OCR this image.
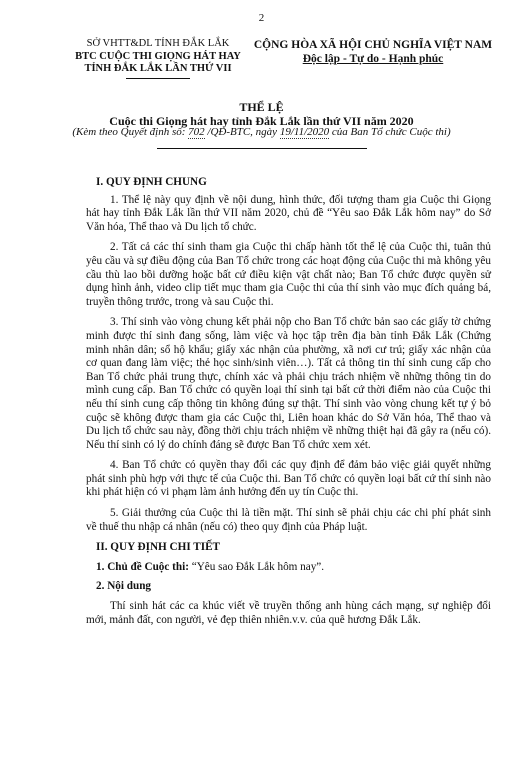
2
SỞ VHTT&DL TỈNH ĐẮK LẮK
BTC CUỘC THI GIỌNG HÁT HAY
TỈNH ĐẮK LẮK LẦN THỨ VII
CỘNG HÒA XÃ HỘI CHỦ NGHĨA VIỆT NAM
Độc lập - Tự do - Hạnh phúc
THỂ LỆ
Cuộc thi Giọng hát hay tỉnh Đắk Lắk lần thứ VII năm 2020
(Kèm theo Quyết định số: 702 /QĐ-BTC, ngày 19/11/2020 của Ban Tổ chức Cuộc thi)
I. QUY ĐỊNH CHUNG

1. Thể lệ này quy định về nội dung, hình thức, đối tượng tham gia Cuộc thi Giọng hát hay tỉnh Đắk Lắk lần thứ VII năm 2020, chủ đề “Yêu sao Đắk Lắk hôm nay” do Sở Văn hóa, Thể thao và Du lịch tổ chức.

2. Tất cả các thí sinh tham gia Cuộc thi chấp hành tốt thể lệ của Cuộc thi, tuân thủ yêu cầu và sự điều động của Ban Tổ chức trong các hoạt động của Cuộc thi mà không yêu cầu thù lao bồi dưỡng hoặc bất cứ điều kiện vật chất nào; Ban Tổ chức được quyền sử dụng hình ảnh, video clip tiết mục tham gia Cuộc thi của thí sinh vào mục đích quảng bá, truyền thông trước, trong và sau Cuộc thi.

3. Thí sinh vào vòng chung kết phải nộp cho Ban Tổ chức bản sao các giấy tờ chứng minh được thí sinh đang sống, làm việc và học tập trên địa bàn tỉnh Đắk Lắk (Chứng minh nhân dân; sổ hộ khẩu; giấy xác nhận của phường, xã nơi cư trú; giấy xác nhận của cơ quan đang làm việc; thẻ học sinh/sinh viên…). Tất cả thông tin thí sinh cung cấp cho Ban Tổ chức phải trung thực, chính xác và phải chịu trách nhiệm về những thông tin do mình cung cấp. Ban Tổ chức có quyền loại thí sinh tại bất cứ thời điểm nào của Cuộc thi nếu thí sinh cung cấp thông tin không đúng sự thật. Thí sinh vào vòng chung kết tự ý bỏ cuộc sẽ không được tham gia các Cuộc thi, Liên hoan khác do Sở Văn hóa, Thể thao và Du lịch tổ chức sau này, đồng thời chịu trách nhiệm về những thiệt hại đã gây ra (nếu có). Nếu thí sinh có lý do chính đáng sẽ được Ban Tổ chức xem xét.

4. Ban Tổ chức có quyền thay đổi các quy định để đảm bảo việc giải quyết những phát sinh phù hợp với thực tế của Cuộc thi. Ban Tổ chức có quyền loại bất cứ thí sinh nào khi phát hiện có vi phạm làm ảnh hưởng đến uy tín Cuộc thi.

5. Giải thưởng của Cuộc thi là tiền mặt. Thí sinh sẽ phải chịu các chi phí phát sinh về thuế thu nhập cá nhân (nếu có) theo quy định của Pháp luật.

II. QUY ĐỊNH CHI TIẾT
1. Chủ đề Cuộc thi: “Yêu sao Đắk Lắk hôm nay”.
2. Nội dung

Thí sinh hát các ca khúc viết về truyền thống anh hùng cách mạng, sự nghiệp đổi mới, mảnh đất, con người, vẻ đẹp thiên nhiên.v.v. của quê hương Đắk Lắk.
